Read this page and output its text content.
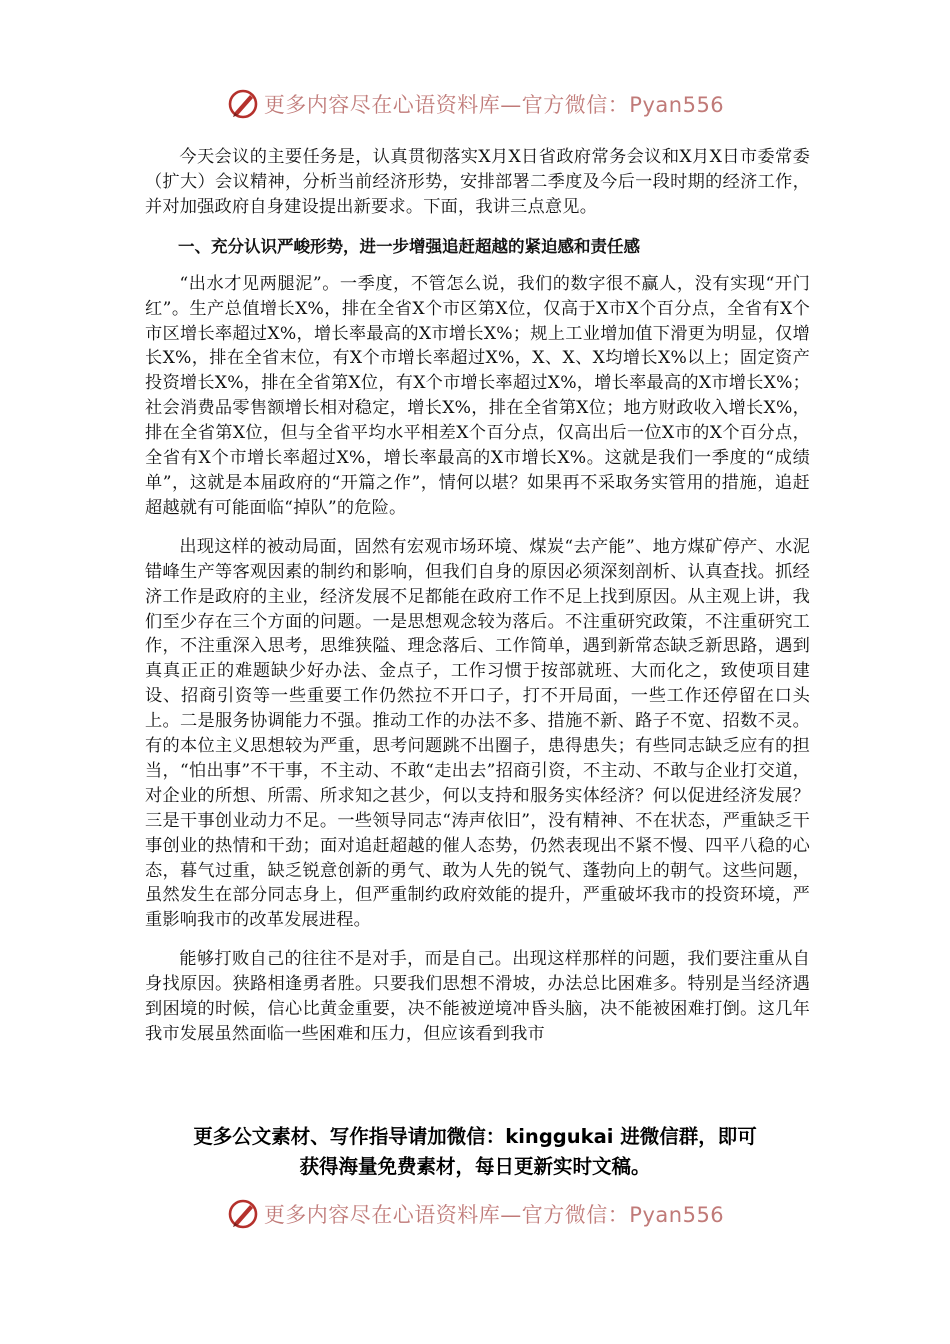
更多内容尽在心语资料库—官方微信：Pyan556

今天会议的主要任务是，认真贯彻落实X月X日省政府常务会议和X月X日市委常委（扩大）会议精神，分析当前经济形势，安排部署二季度及今后一段时期的经济工作，并对加强政府自身建设提出新要求。下面，我讲三点意见。

一、充分认识严峻形势，进一步增强追赶超越的紧迫感和责任感

“出水才见两腿泥”。一季度，不管怎么说，我们的数字很不赢人，没有实现“开门红”。生产总值增长X%，排在全省X个市区第X位，仅高于X市X个百分点，全省有X个市区增长率超过X%，增长率最高的X市增长X%；规上工业增加值下滑更为明显，仅增长X%，排在全省末位，有X个市增长率超过X%，X、X、X均增长X%以上；固定资产投资增长X%，排在全省第X位，有X个市增长率超过X%，增长率最高的X市增长X%；社会消费品零售额增长相对稳定，增长X%，排在全省第X位；地方财政收入增长X%，排在全省第X位，但与全省平均水平相差X个百分点，仅高出后一位X市的X个百分点，全省有X个市增长率超过X%，增长率最高的X市增长X%。这就是我们一季度的“成绩单”，这就是本届政府的“开篇之作”，情何以堪？如果再不采取务实管用的措施，追赶超越就有可能面临“掉队”的危险。

出现这样的被动局面，固然有宏观市场环境、煤炭“去产能”、地方煤矿停产、水泥错峰生产等客观因素的制约和影响，但我们自身的原因必须深刻剖析、认真查找。抓经济工作是政府的主业，经济发展不足都能在政府工作不足上找到原因。从主观上讲，我们至少存在三个方面的问题。一是思想观念较为落后。不注重研究政策，不注重研究工作，不注重深入思考，思维狭隘、理念落后、工作简单，遇到新常态缺乏新思路，遇到真真正正的难题缺少好办法、金点子，工作习惯于按部就班、大而化之，致使项目建设、招商引资等一些重要工作仍然拉不开口子，打不开局面，一些工作还停留在口头上。二是服务协调能力不强。推动工作的办法不多、措施不新、路子不宽、招数不灵。有的本位主义思想较为严重，思考问题跳不出圈子，患得患失；有些同志缺乏应有的担当，“怕出事”不干事，不主动、不敢“走出去”招商引资，不主动、不敢与企业打交道，对企业的所想、所需、所求知之甚少，何以支持和服务实体经济？何以促进经济发展？三是干事创业动力不足。一些领导同志“涛声依旧”，没有精神、不在状态，严重缺乏干事创业的热情和干劲；面对追赶超越的催人态势，仍然表现出不紧不慢、四平八稳的心态，暮气过重，缺乏锐意创新的勇气、敢为人先的锐气、蓬勃向上的朝气。这些问题，虽然发生在部分同志身上，但严重制约政府效能的提升，严重破坏我市的投资环境，严重影响我市的改革发展进程。

能够打败自己的往往不是对手，而是自己。出现这样那样的问题，我们要注重从自身找原因。狭路相逢勇者胜。只要我们思想不滑坡，办法总比困难多。特别是当经济遇到困境的时候，信心比黄金重要，决不能被逆境冲昏头脑，决不能被困难打倒。这几年我市发展虽然面临一些困难和压力，但应该看到我市

更多公文素材、写作指导请加微信：kinggukai 进微信群，即可
获得海量免费素材，每日更新实时文稿。
更多内容尽在心语资料库—官方微信：Pyan556
